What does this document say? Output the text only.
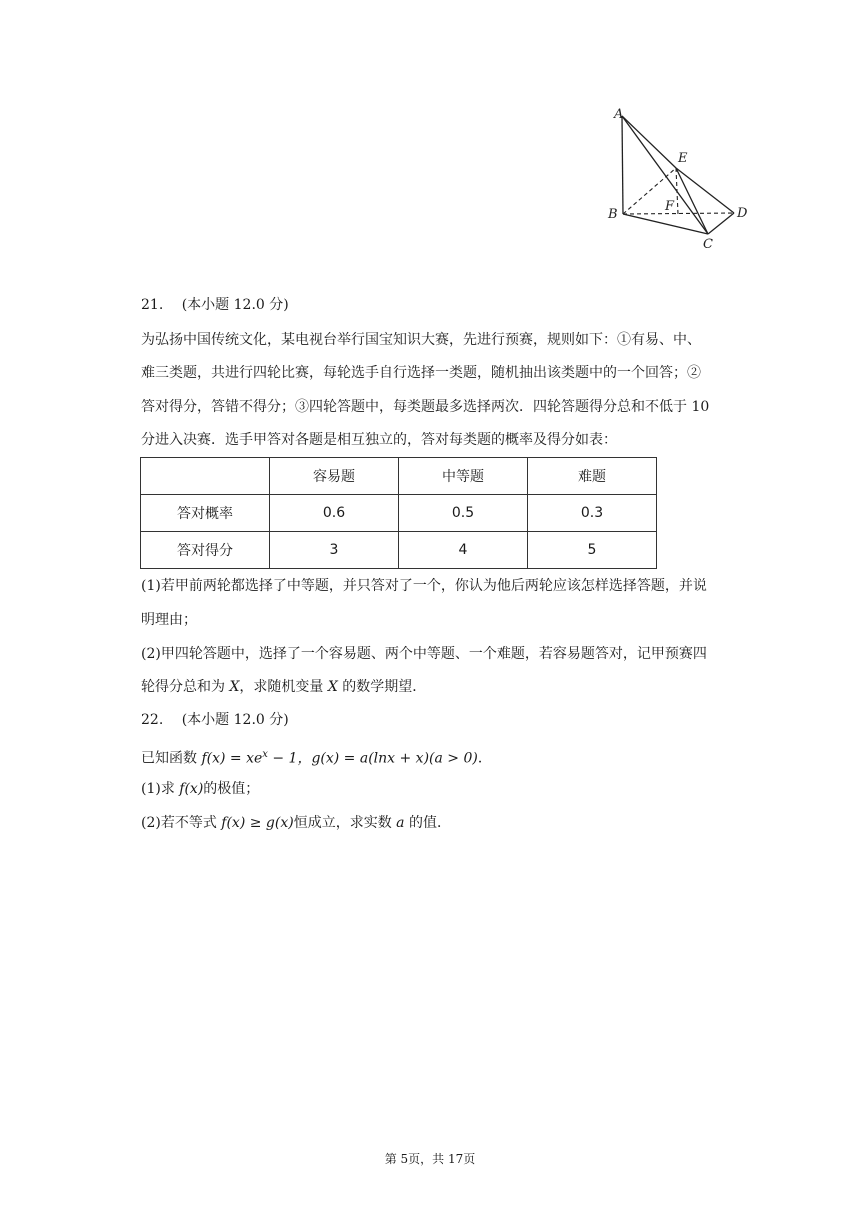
A
E
B
F	D
C
21.　 (本小题 12.0 分)
为弘扬中国传统文化，某电视台举行国宝知识大赛，先进行预赛，规则如下：①有易、中、
难三类题，共进行四轮比赛，每轮选手自行选择一类题，随机抽出该类题中的一个回答；②
答对得分，答错不得分；③四轮答题中，每类题最多选择两次．四轮答题得分总和不低于 10
分进入决赛．选手甲答对各题是相互独立的，答对每类题的概率及得分如表：
	容易题	中等题	难题
答对概率	0.6	0.5	0.3
答对得分	3	4	5
(1)若甲前两轮都选择了中等题，并只答对了一个，你认为他后两轮应该怎样选择答题，并说
明理由；
(2)甲四轮答题中，选择了一个容易题、两个中等题、一个难题，若容易题答对，记甲预赛四
轮得分总和为 X，求随机变量 X 的数学期望．
22.　 (本小题 12.0 分)
已知函数 $f(x) = xe^x - 1$，g(x) = a(lnx + x)(a > 0)．
(1)求 f(x)的极值；
(2)若不等式 f(x) ≥ g(x)恒成立，求实数 a 的值．
第 5页，共 17页
